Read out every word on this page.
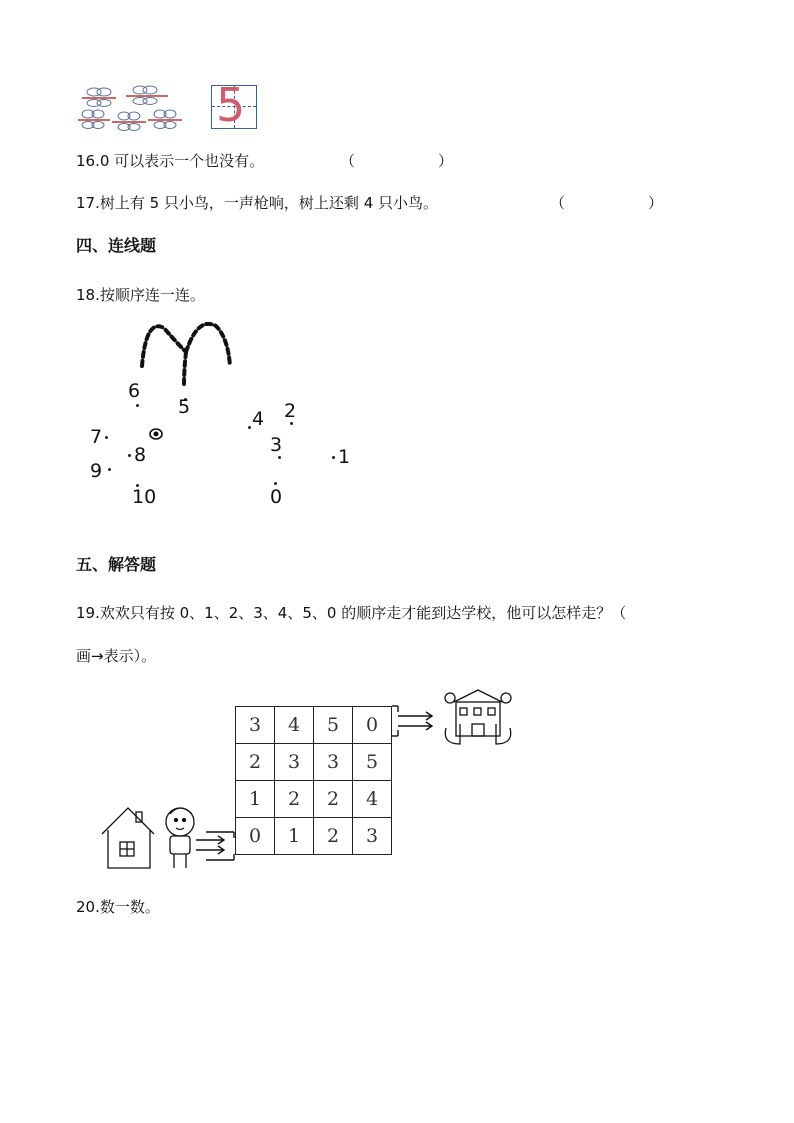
5
16.0 可以表示一个也没有。	（	）
17.树上有 5 只小鸟，一声枪响，树上还剩 4 只小鸟。	（	）
四、连线题
18.按顺序连一连。
6
5
4 2
3
1
7
8
9
10	0
五、解答题
19.欢欢只有按 0、1、2、3、4、5、0 的顺序走才能到达学校，他可以怎样走？（
画→表示）。
3	4	5	0
2	3	3	5
1	2	2	4
0	1	2	3
20.数一数。
